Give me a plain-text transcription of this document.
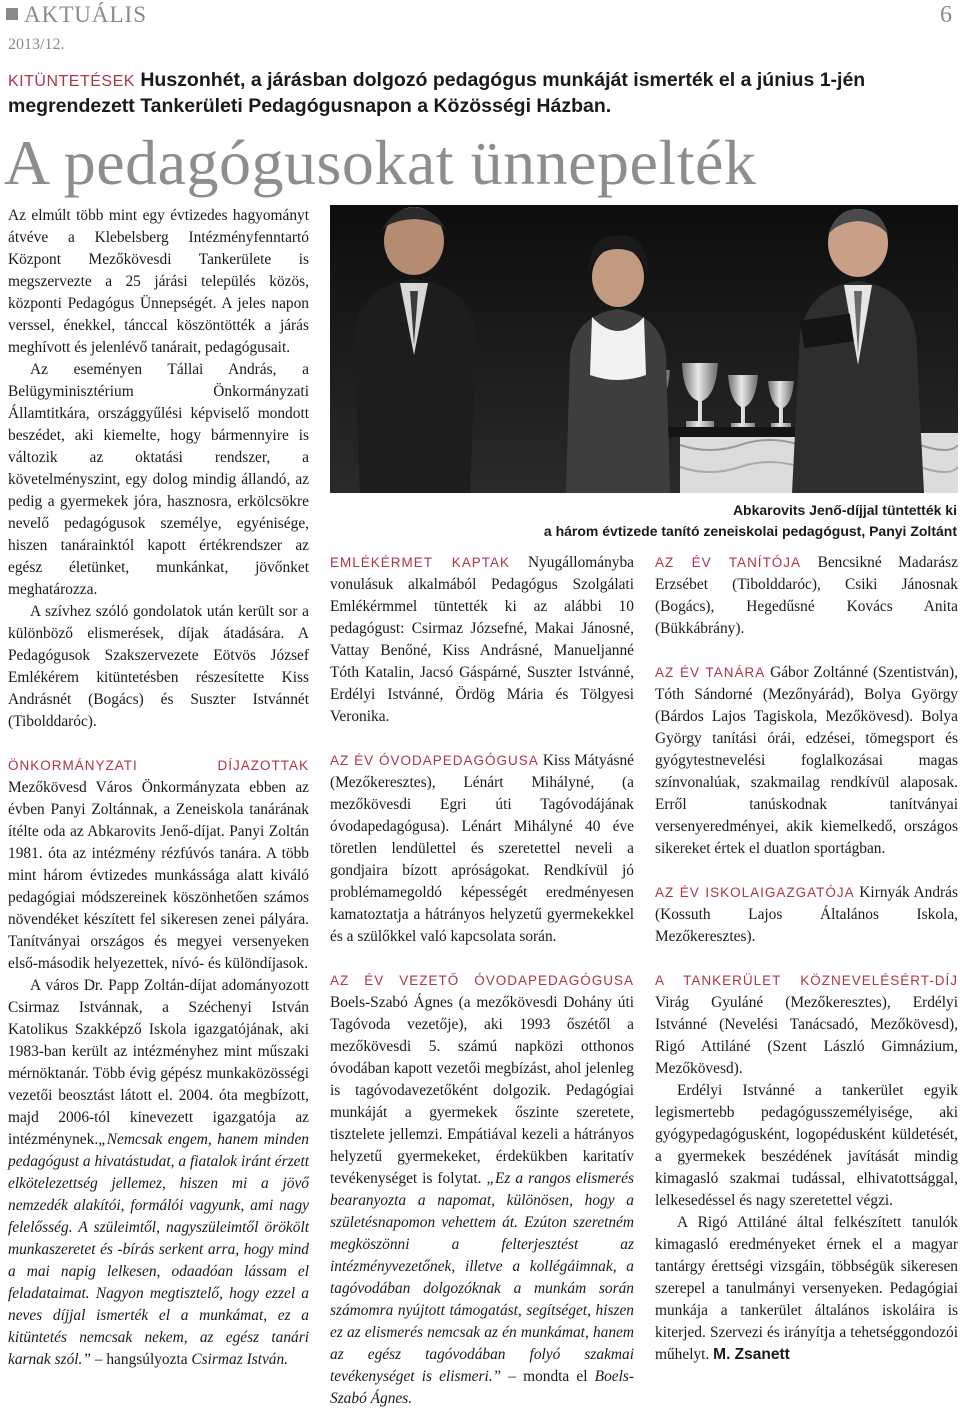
AKTUÁLIS
2013/12.
6
KITÜNTETÉSEK Huszonhét, a járásban dolgozó pedagógus munkáját ismerték el a június 1-jén megrendezett Tankerületi Pedagógusnapon a Közösségi Házban.
A pedagógusokat ünnepelték

Az elmúlt több mint egy évtizedes hagyományt átvéve a Klebelsberg Intézményfenntartó Központ Mezőkövesdi Tankerülete is megszervezte a 25 járási település közös, központi Pedagógus Ünnepségét. A jeles napon verssel, énekkel, tánccal köszöntötték a járás meghívott és jelenlévő tanárait, pedagógusait.

Az eseményen Tállai András, a Belügyminisztérium Önkormányzati Államtitkára, országgyűlési képviselő mondott beszédet, aki kiemelte, hogy bármennyire is változik az oktatási rendszer, a követelményszint, egy dolog mindig állandó, az pedig a gyermekek jóra, hasznosra, erkölcsökre nevelő pedagógusok személye, egyénisége, hiszen tanárainktól kapott értékrendszer az egész életünket, munkánkat, jövőnket meghatározza.

A szívhez szóló gondolatok után került sor a különböző elismerések, díjak átadására. A Pedagógusok Szakszervezete Eötvös József Emlékérem kitüntetésben részesítette Kiss Andrásnét (Bogács) és Suszter Istvánnét (Tibolddaróc).

ÖNKORMÁNYZATI DÍJAZOTTAK Mezőkövesd Város Önkormányzata ebben az évben Panyi Zoltánnak, a Zeneiskola tanárának ítélte oda az Abkarovits Jenő-díjat. Panyi Zoltán 1981. óta az intézmény rézfúvós tanára. A több mint három évtizedes munkássága alatt kiváló pedagógiai módszereinek köszönhetően számos növendéket készített fel sikeresen zenei pályára. Tanítványai országos és megyei versenyeken első-második helyezettek, nívó- és különdíjasok.

A város Dr. Papp Zoltán-díjat adományozott Csirmaz Istvánnak, a Széchenyi István Katolikus Szakképző Iskola igazgatójának, aki 1983-ban került az intézményhez mint műszaki mérnöktanár. Több évig gépész munkaközösségi vezetői beosztást látott el. 2004. óta megbízott, majd 2006-tól kinevezett igazgatója az intézménynek.„Nemcsak engem, hanem minden pedagógust a hivatástudat, a fiatalok iránt érzett elkötelezettség jellemez, hiszen mi a jövő nemzedék alakítói, formálói vagyunk, ami nagy felelősség. A szüleimtől, nagyszüleimtől örökölt munkaszeretet és -bírás serkent arra, hogy mind a mai napig lelkesen, odaadóan lássam el feladataimat. Nagyon megtisztelő, hogy ezzel a neves díjjal ismerték el a munkámat, ez a kitüntetés nemcsak nekem, az egész tanári karnak szól.” – hangsúlyozta Csirmaz István.

Abkarovits Jenő-díjjal tüntették ki
a három évtizede tanító zeneiskolai pedagógust, Panyi Zoltánt

EMLÉKÉRMET KAPTAK Nyugállományba vonulásuk alkalmából Pedagógus Szolgálati Emlékérmmel tüntették ki az alábbi 10 pedagógust: Csirmaz Józsefné, Makai Jánosné, Vattay Benőné, Kiss Andrásné, Manueljanné Tóth Katalin, Jacsó Gáspárné, Suszter Istvánné, Erdélyi Istvánné, Ördög Mária és Tölgyesi Veronika.

AZ ÉV ÓVODAPEDAGÓGUSA Kiss Mátyásné (Mezőkeresztes), Lénárt Mihályné, (a mezőkövesdi Egri úti Tagóvodájának óvodapedagógusa). Lénárt Mihályné 40 éve töretlen lendülettel és szeretettel neveli a gondjaira bízott apróságokat. Rendkívül jó problémamegoldó képességét eredményesen kamatoztatja a hátrányos helyzetű gyermekekkel és a szülőkkel való kapcsolata során.

AZ ÉV VEZETŐ ÓVODAPEDAGÓGUSA Boels-Szabó Ágnes (a mezőkövesdi Dohány úti Tagóvoda vezetője), aki 1993 őszétől a mezőkövesdi 5. számú napközi otthonos óvodában kapott vezetői megbízást, ahol jelenleg is tagóvodavezetőként dolgozik. Pedagógiai munkáját a gyermekek őszinte szeretete, tisztelete jellemzi. Empátiával kezeli a hátrányos helyzetű gyermekeket, érdekükben karitatív tevékenységet is folytat. „Ez a rangos elismerés bearanyozta a napomat, különösen, hogy a születésnapomon vehettem át. Ezúton szeretném megköszönni a felterjesztést az intézményvezetőnek, illetve a kollégáimnak, a tagóvodában dolgozóknak a munkám során számomra nyújtott támogatást, segítséget, hiszen ez az elismerés nemcsak az én munkámat, hanem az egész tagóvodában folyó szakmai tevékenységet is elismeri.” – mondta el Boels-Szabó Ágnes.

AZ ÉV TANÍTÓJA Bencsikné Madarász Erzsébet (Tibolddaróc), Csiki Jánosnak (Bogács), Hegedűsné Kovács Anita (Bükkábrány).

AZ ÉV TANÁRA Gábor Zoltánné (Szentistván), Tóth Sándorné (Mezőnyárád), Bolya György (Bárdos Lajos Tagiskola, Mezőkövesd). Bolya György tanítási órái, edzései, tömegsport és gyógytestnevelési foglalkozásai magas színvonalúak, szakmailag rendkívül alaposak. Erről tanúskodnak tanítványai versenyeredményei, akik kiemelkedő, országos sikereket értek el duatlon sportágban.

AZ ÉV ISKOLAIGAZGATÓJA Kirnyák András (Kossuth Lajos Általános Iskola, Mezőkeresztes).

A TANKERÜLET KÖZNEVELÉSÉRT-DÍJ Virág Gyuláné (Mezőkeresztes), Erdélyi Istvánné (Nevelési Tanácsadó, Mezőkövesd), Rigó Attiláné (Szent László Gimnázium, Mezőkövesd).

Erdélyi Istvánné a tankerület egyik legismertebb pedagógusszemélyisége, aki gyógypedagógusként, logopédusként küldetését, a gyermekek beszédének javítását mindig kimagasló szakmai tudással, elhivatottsággal, lelkesedéssel és nagy szeretettel végzi.

A Rigó Attiláné által felkészített tanulók kimagasló eredményeket érnek el a magyar tantárgy érettségi vizsgáin, többségük sikeresen szerepel a tanulmányi versenyeken. Pedagógiai munkája a tankerület általános iskoláira is kiterjed. Szervezi és irányítja a tehetséggondozói műhelyt. M. Zsanett
